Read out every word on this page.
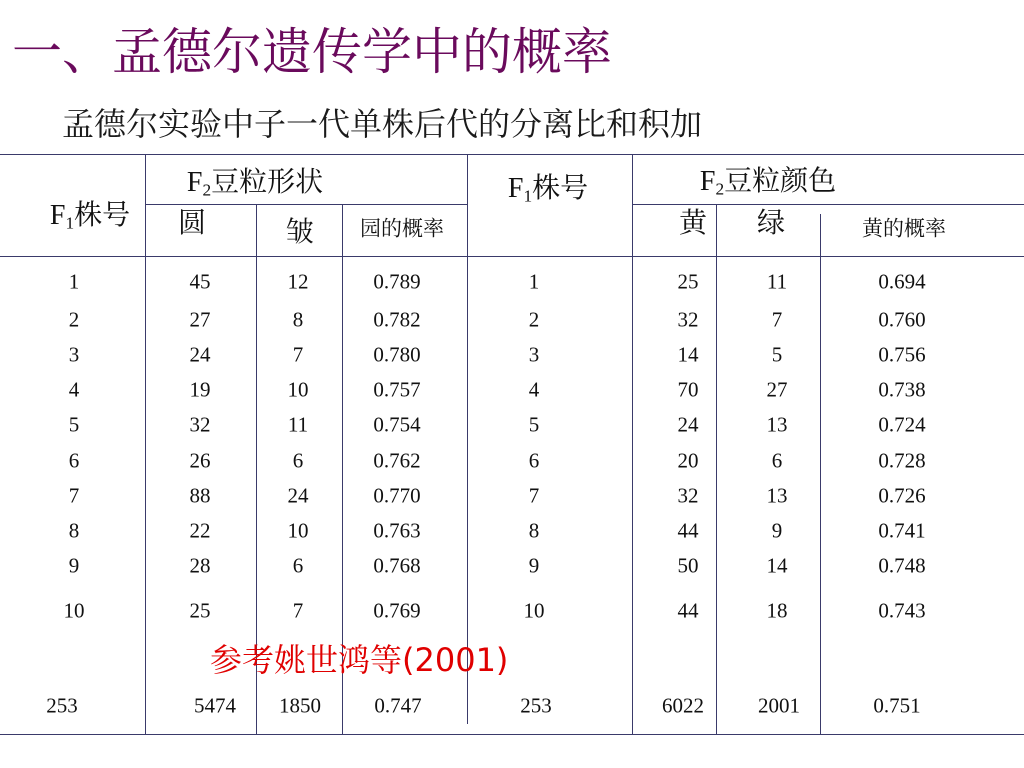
一、孟德尔遗传学中的概率
孟德尔实验中子一代单株后代的分离比和积加
$F_1$株号
$F_2$豆粒形状
圆	皱 园的概率
$F_1$株号	$F_2$豆粒颜色
黄 绿	黄的概率
1	45	12	0.789	1	25	11	0.694
2	27	8	0.782	2	32	7	0.760
3	24	7	0.780	3	14	5	0.756
4	19	10	0.757	4	70	27	0.738
5	32	11	0.754	5	24	13	0.724
6	26	6	0.762	6	20	6	0.728
7	88	24	0.770	7	32	13	0.726
8	22	10	0.763	8	44	9	0.741
9	28	6	0.768	9	50	14	0.748
10	25	7	0.769	10	44	18	0.743
参考姚世鸿等(2001)
253	5474 1850	0.747	253	6022	2001	0.751
